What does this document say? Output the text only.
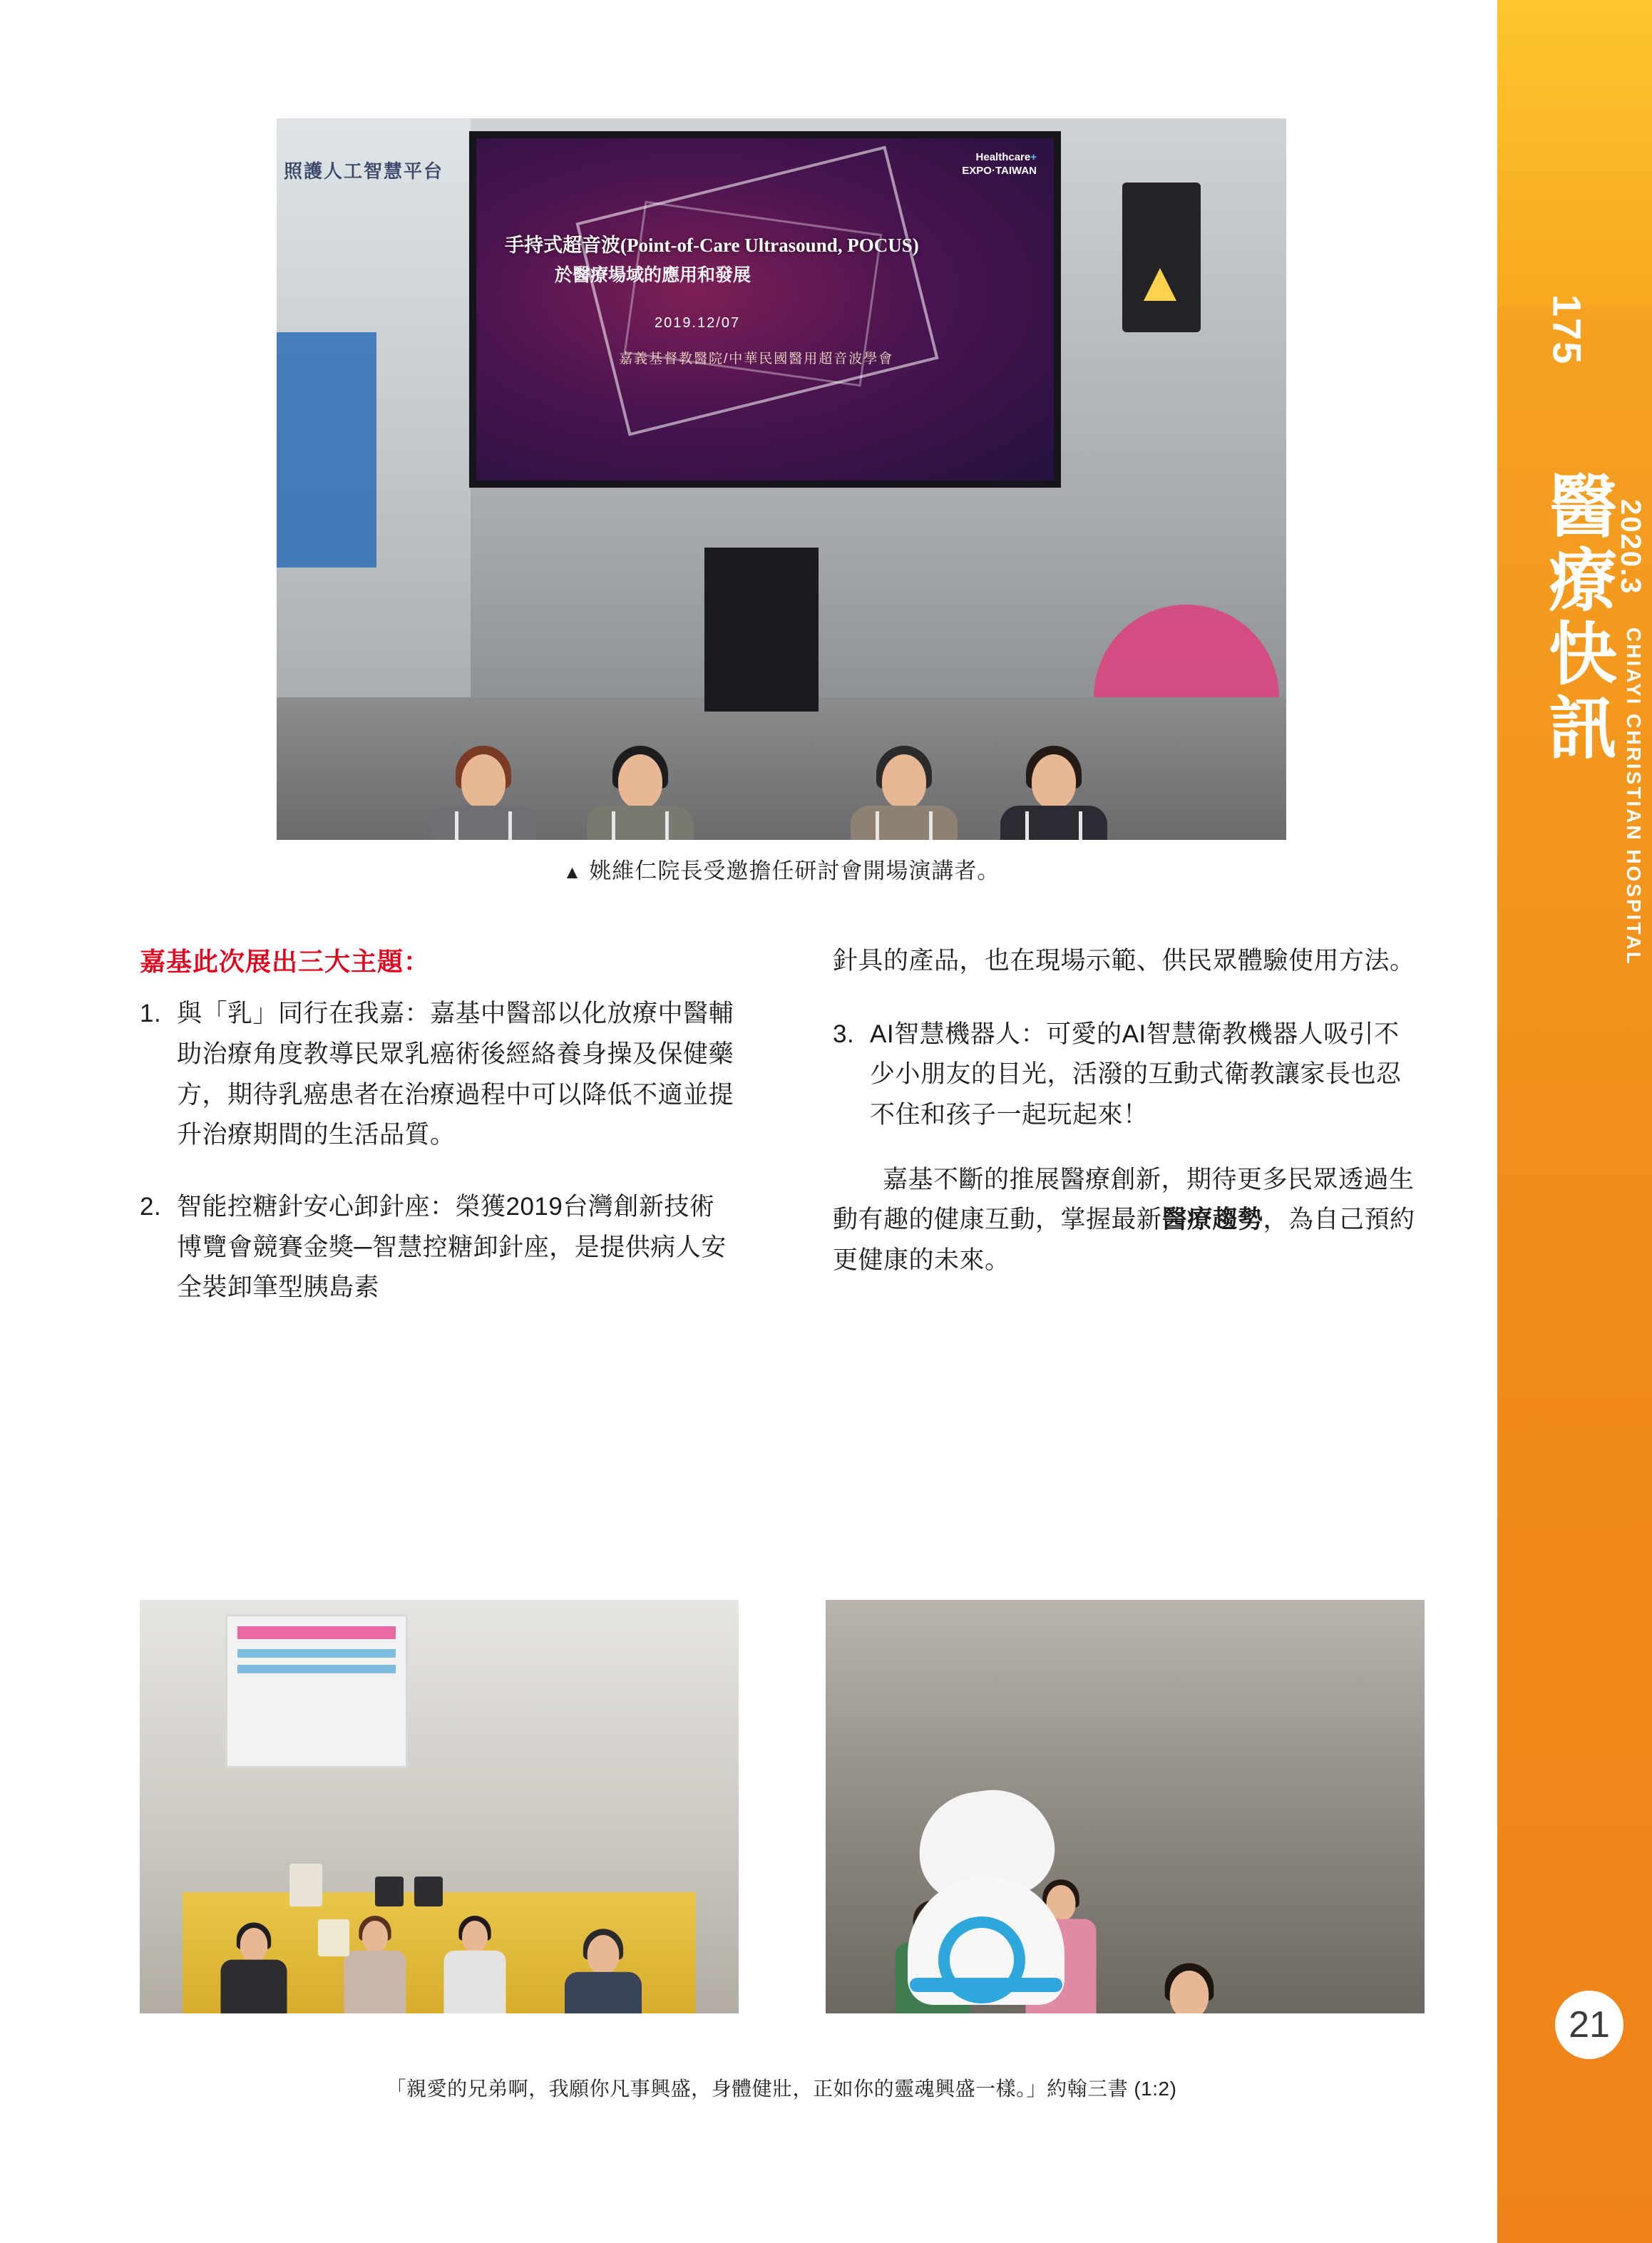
175
醫療快訊
2020.3
CHIAYI CHRISTIAN HOSPITAL
21
照護人工智慧平台
手持式超音波(Point-of-Care Ultrasound, POCUS)
於醫療場域的應用和發展
2019.12/07
嘉義基督教醫院/中華民國醫用超音波學會
Healthcare+
EXPO·TAIWAN
▲ 姚維仁院長受邀擔任研討會開場演講者。
嘉基此次展出三大主題：
1. 與「乳」同行在我嘉：嘉基中醫部以化放療中醫輔助治療角度教導民眾乳癌術後經絡養身操及保健藥方，期待乳癌患者在治療過程中可以降低不適並提升治療期間的生活品質。
2. 智能控糖針安心卸針座：榮獲2019台灣創新技術博覽會競賽金獎─智慧控糖卸針座，是提供病人安全裝卸筆型胰島素
針具的產品，也在現場示範、供民眾體驗使用方法。
3. AI智慧機器人：可愛的AI智慧衛教機器人吸引不少小朋友的目光，活潑的互動式衛教讓家長也忍不住和孩子一起玩起來！
嘉基不斷的推展醫療創新，期待更多民眾透過生動有趣的健康互動，掌握最新醫療趨勢，為自己預約更健康的未來。
「親愛的兄弟啊，我願你凡事興盛，身體健壯，正如你的靈魂興盛一樣。」約翰三書 (1:2)
